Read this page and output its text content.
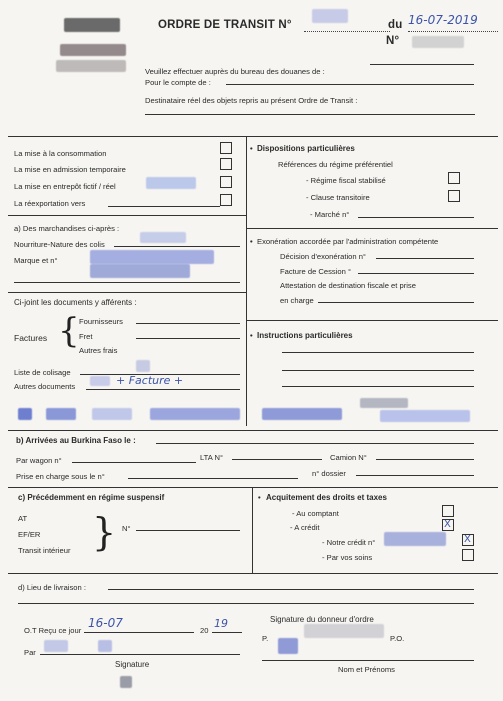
ORDRE DE TRANSIT N°	du 16-07-2019
N°
Veuillez effectuer auprès du bureau des douanes de :
Pour le compte de :
Destinataire réel des objets repris au présent Ordre de Transit :
La mise à la consommation
La mise en admission temporaire
La mise en entrepôt fictif / réel
La réexportation vers
• Dispositions particulières
Références du régime préférentiel
- Régime fiscal stabilisé
- Clause transitoire
- Marché n°
a) Des marchandises ci-après :
Nourriture-Nature des colis
Marque et n°
• Exonération accordée par l'administration compétente
Décision d'exonération n°
Facture de Cession °
Attestation de destination fiscale et prise
en charge
Ci-joint les documents y afférents :
Factures { Fournisseurs
Fret
Autres frais
Liste de colisage
Autres documents	+ Facture +
• Instructions particulières
b) Arrivées au Burkina Faso le :
Par wagon n°	LTA N°	Camion N°
Prise en charge sous le n°	n° dossier
c) Précédemment en régime suspensif
AT
EF/ER
Transit intérieur } N°
• Acquitement des droits et taxes
- Au comptant
- A crédit	X
- Notre crédit n°	X
- Par vos soins
d) Lieu de livraison :
O.T Reçu ce jour
16-07
20
19
Par
Signature
Signature du donneur d'ordre
P.	P.O.
Nom et Prénoms
